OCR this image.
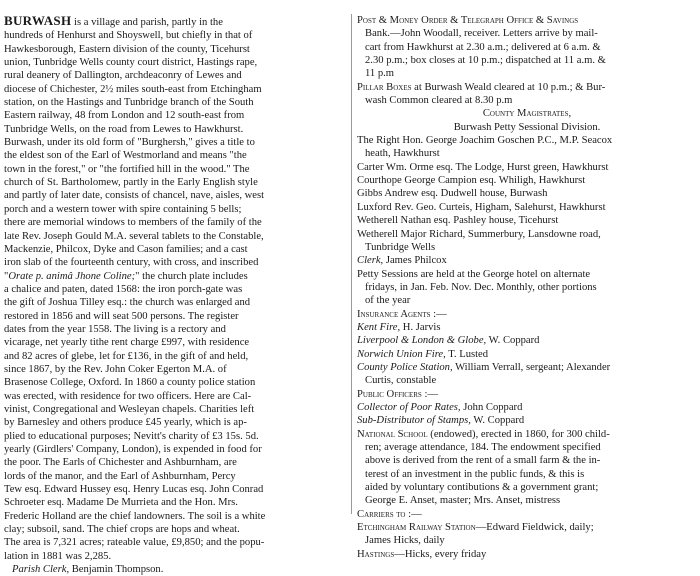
BURWASH is a village and parish, partly in the
hundreds of Henhurst and Shoyswell, but chiefly in that of
Hawkesborough, Eastern division of the county, Ticehurst
union, Tunbridge Wells county court district, Hastings rape,
rural deanery of Dallington, archdeaconry of Lewes and
diocese of Chichester, 2½ miles south-east from Etchingham
station, on the Hastings and Tunbridge branch of the South
Eastern railway, 48 from London and 12 south-east from
Tunbridge Wells, on the road from Lewes to Hawkhurst.
Burwash, under its old form of "Burghersh," gives a title to
the eldest son of the Earl of Westmorland and means "the
town in the forest," or "the fortified hill in the wood." The
church of St. Bartholomew, partly in the Early English style
and partly of later date, consists of chancel, nave, aisles, west
porch and a western tower with spire containing 5 bells;
there are memorial windows to members of the family of the
late Rev. Joseph Gould M.A. several tablets to the Constable,
Mackenzie, Philcox, Dyke and Cason families; and a cast
iron slab of the fourteenth century, with cross, and inscribed
"Orate p. animâ Jhone Coline;" the church plate includes
a chalice and paten, dated 1568: the iron porch-gate was
the gift of Joshua Tilley esq.: the church was enlarged and
restored in 1856 and will seat 500 persons. The register
dates from the year 1558. The living is a rectory and
vicarage, net yearly tithe rent charge £997, with residence
and 82 acres of glebe, let for £136, in the gift of and held,
since 1867, by the Rev. John Coker Egerton M.A. of
Brasenose College, Oxford. In 1860 a county police station
was erected, with residence for two officers. Here are Cal-
vinist, Congregational and Wesleyan chapels. Charities left
by Barnesley and others produce £45 yearly, which is ap-
plied to educational purposes; Nevitt's charity of £3 15s. 5d.
yearly (Girdlers' Company, London), is expended in food for
the poor. The Earls of Chichester and Ashburnham, are
lords of the manor, and the Earl of Ashburnham, Percy
Tew esq. Edward Hussey esq. Henry Lucas esq. John Conrad
Schroeter esq. Madame De Murrieta and the Hon. Mrs.
Frederic Holland are the chief landowners. The soil is a white
clay; subsoil, sand. The chief crops are hops and wheat.
The area is 7,321 acres; rateable value, £9,850; and the popu-
lation in 1881 was 2,285.
Parish Clerk, Benjamin Thompson.
Post & Money Order & Telegraph Office & Savings
Bank.—John Woodall, receiver. Letters arrive by mail-
cart from Hawkhurst at 2.30 a.m.; delivered at 6 a.m. &
2.30 p.m.; box closes at 10 p.m.; dispatched at 11 a.m. &
11 p.m
Pillar Boxes at Burwash Weald cleared at 10 p.m.; & Bur-
wash Common cleared at 8.30 p.m
County Magistrates,
Burwash Petty Sessional Division.
The Right Hon. George Joachim Goschen P.C., M.P. Seacox
heath, Hawkhurst
Carter Wm. Orme esq. The Lodge, Hurst green, Hawkhurst
Courthope George Campion esq. Whiligh, Hawkhurst
Gibbs Andrew esq. Dudwell house, Burwash
Luxford Rev. Geo. Curteis, Higham, Salehurst, Hawkhurst
Wetherell Nathan esq. Pashley house, Ticehurst
Wetherell Major Richard, Summerbury, Lansdowne road,
Tunbridge Wells
Clerk, James Philcox
Petty Sessions are held at the George hotel on alternate
fridays, in Jan. Feb. Nov. Dec. Monthly, other portions
of the year
Insurance Agents :—
Kent Fire, H. Jarvis
Liverpool & London & Globe, W. Coppard
Norwich Union Fire, T. Lusted
County Police Station, William Verrall, sergeant; Alexander
Curtis, constable
Public Officers :—
Collector of Poor Rates, John Coppard
Sub-Distributor of Stamps, W. Coppard
National School (endowed), erected in 1860, for 300 child-
ren; average attendance, 184. The endowment specified
above is derived from the rent of a small farm & the in-
terest of an investment in the public funds, & this is
aided by voluntary contibutions & a government grant;
George E. Anset, master; Mrs. Anset, mistress
Carriers to :—
Etchingham Railway Station—Edward Fieldwick, daily;
James Hicks, daily
Hastings—Hicks, every friday
